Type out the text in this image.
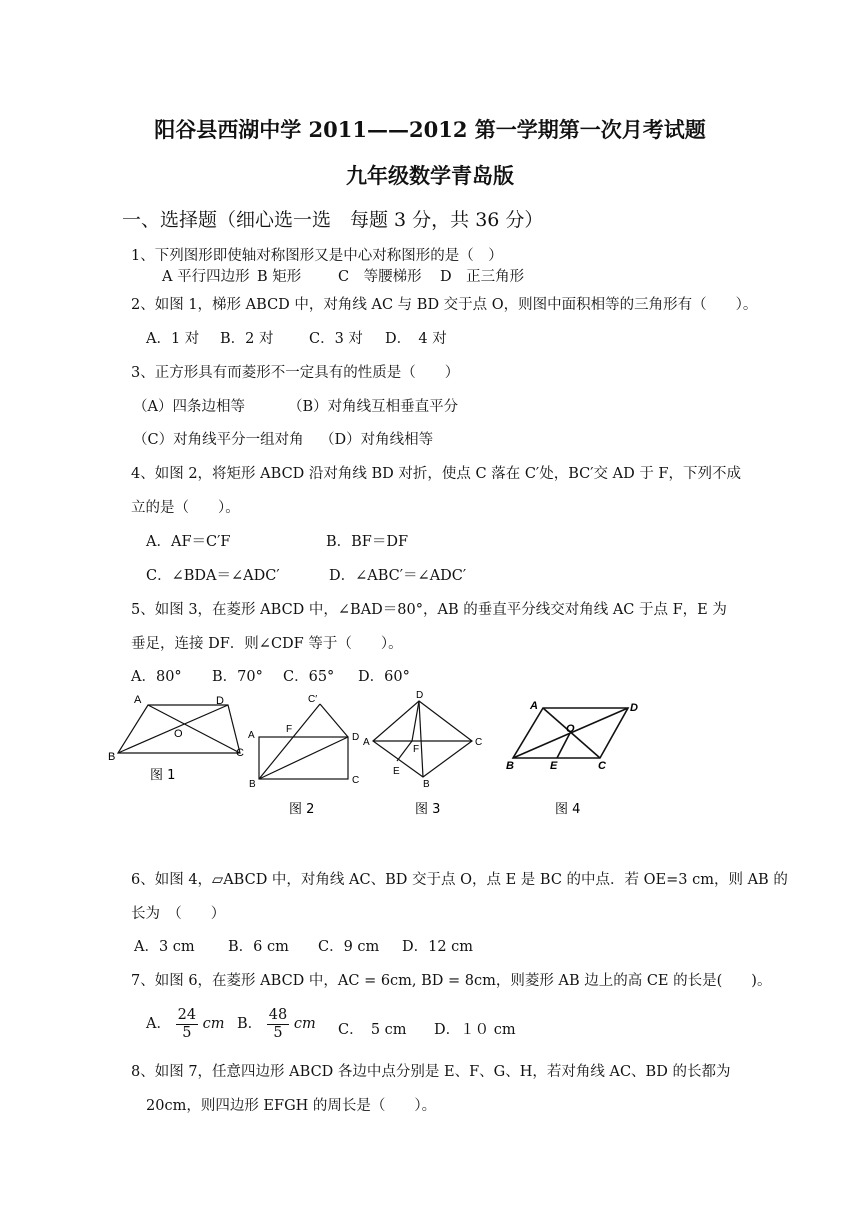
阳谷县西湖中学 2011——2012 第一学期第一次月考试题
九年级数学青岛版
一、选择题（细心选一选　每题 3 分，共 36 分）
1、下列图形即使轴对称图形又是中心对称图形的是（　）
A 平行四边形 B 矩形	C　等腰梯形 D　正三角形
2、如图 1，梯形 ABCD 中，对角线 AC 与 BD 交于点 O，则图中面积相等的三角形有（　　）。
A．1 对 B．2 对 C．3 对 D．　4 对
3、正方形具有而菱形不一定具有的性质是（　　）
（A）四条边相等	（B）对角线互相垂直平分
（C）对角线平分一组对角 （D）对角线相等
4、如图 2，将矩形 ABCD 沿对角线 BD 对折，使点 C 落在 C′处，BC′交 AD 于 F，下列不成
立的是（　　）。
A．AF＝C′F	B．BF＝DF
C．∠BDA＝∠ADC′	D．∠ABC′＝∠ADC′
5、如图 3，在菱形 ABCD 中，∠BAD＝80°，AB 的垂直平分线交对角线 AC 于点 F，E 为
垂足，连接 DF．则∠CDF 等于（　　）。
A．80° B．70° C．65° D．60°
A	D
O
B	C
C′
F
A	D
B	C
D
A
F
C
E
B
A	D
O
B	E	C
图 1
图 2	图 3	图 4
6、如图 4，▱ABCD 中，对角线 AC、BD 交于点 O，点 E 是 BC 的中点．若 OE=3 cm，则 AB 的
长为　（　　）
A．3 cm B．6 cm C．9 cm D．12 cm
7、如图 6，在菱形 ABCD 中，AC = 6cm, BD = 8cm，则菱形 AB 边上的高 CE 的长是(　　)。
A． $\frac{24}{5}$ cm B． $\frac{48}{5}$ cm C．　5 cm D．１０ cm
8、如图 7，任意四边形 ABCD 各边中点分别是 E、F、G、H，若对角线 AC、BD 的长都为
20cm，则四边形 EFGH 的周长是（　　）。
